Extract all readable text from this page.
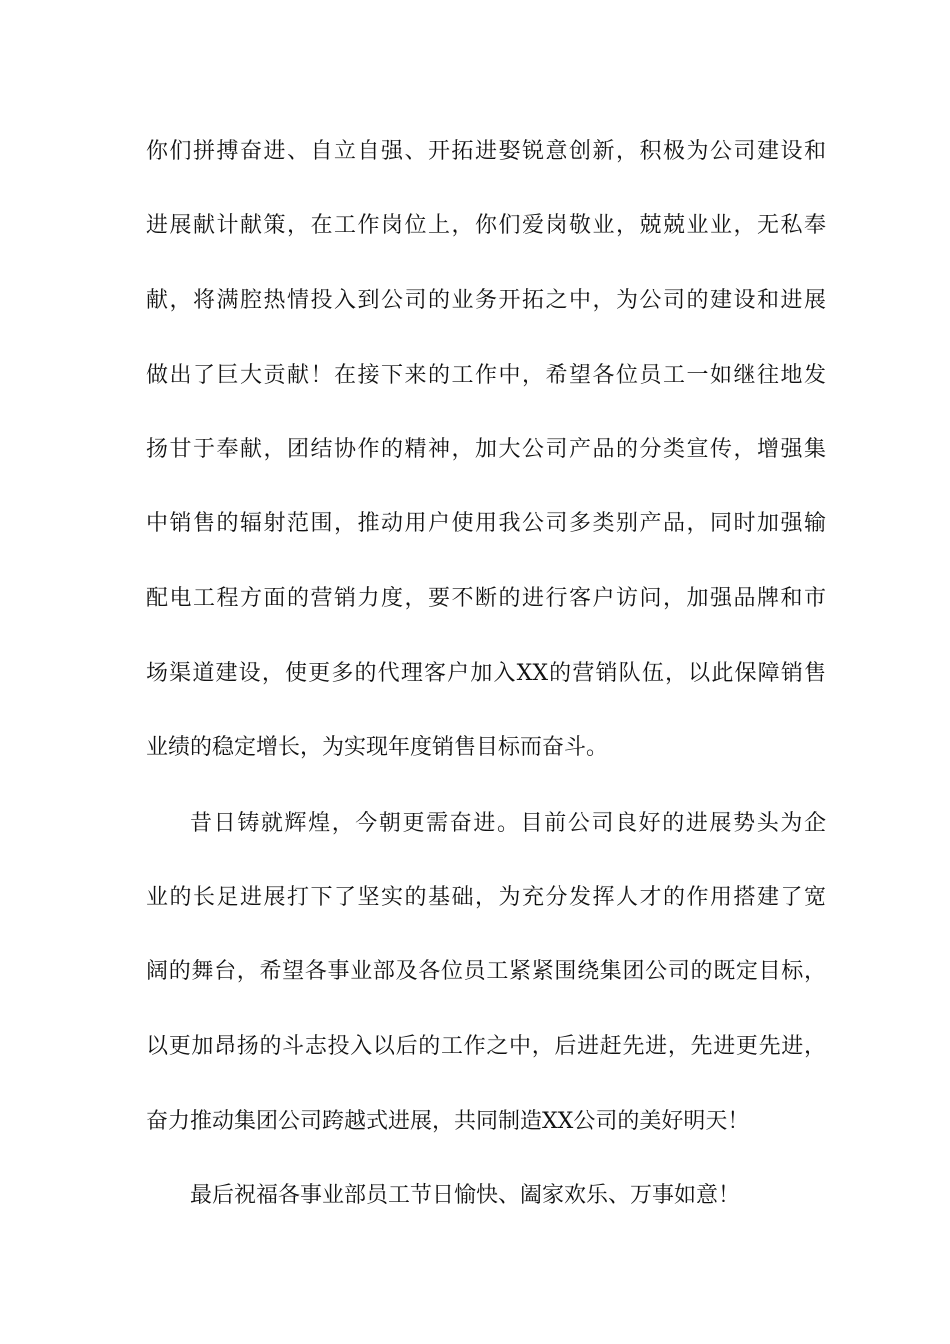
你们拼搏奋进、自立自强、开拓进娶锐意创新，积极为公司建设和
进展献计献策，在工作岗位上，你们爱岗敬业，兢兢业业，无私奉
献，将满腔热情投入到公司的业务开拓之中，为公司的建设和进展
做出了巨大贡献！在接下来的工作中，希望各位员工一如继往地发
扬甘于奉献，团结协作的精神，加大公司产品的分类宣传，增强集
中销售的辐射范围，推动用户使用我公司多类别产品，同时加强输
配电工程方面的营销力度，要不断的进行客户访问，加强品牌和市
场渠道建设，使更多的代理客户加入XX的营销队伍，以此保障销售
业绩的稳定增长，为实现年度销售目标而奋斗。
昔日铸就辉煌，今朝更需奋进。目前公司良好的进展势头为企
业的长足进展打下了坚实的基础，为充分发挥人才的作用搭建了宽
阔的舞台，希望各事业部及各位员工紧紧围绕集团公司的既定目标，
以更加昂扬的斗志投入以后的工作之中，后进赶先进，先进更先进，
奋力推动集团公司跨越式进展，共同制造XX公司的美好明天！
最后祝福各事业部员工节日愉快、阖家欢乐、万事如意！
